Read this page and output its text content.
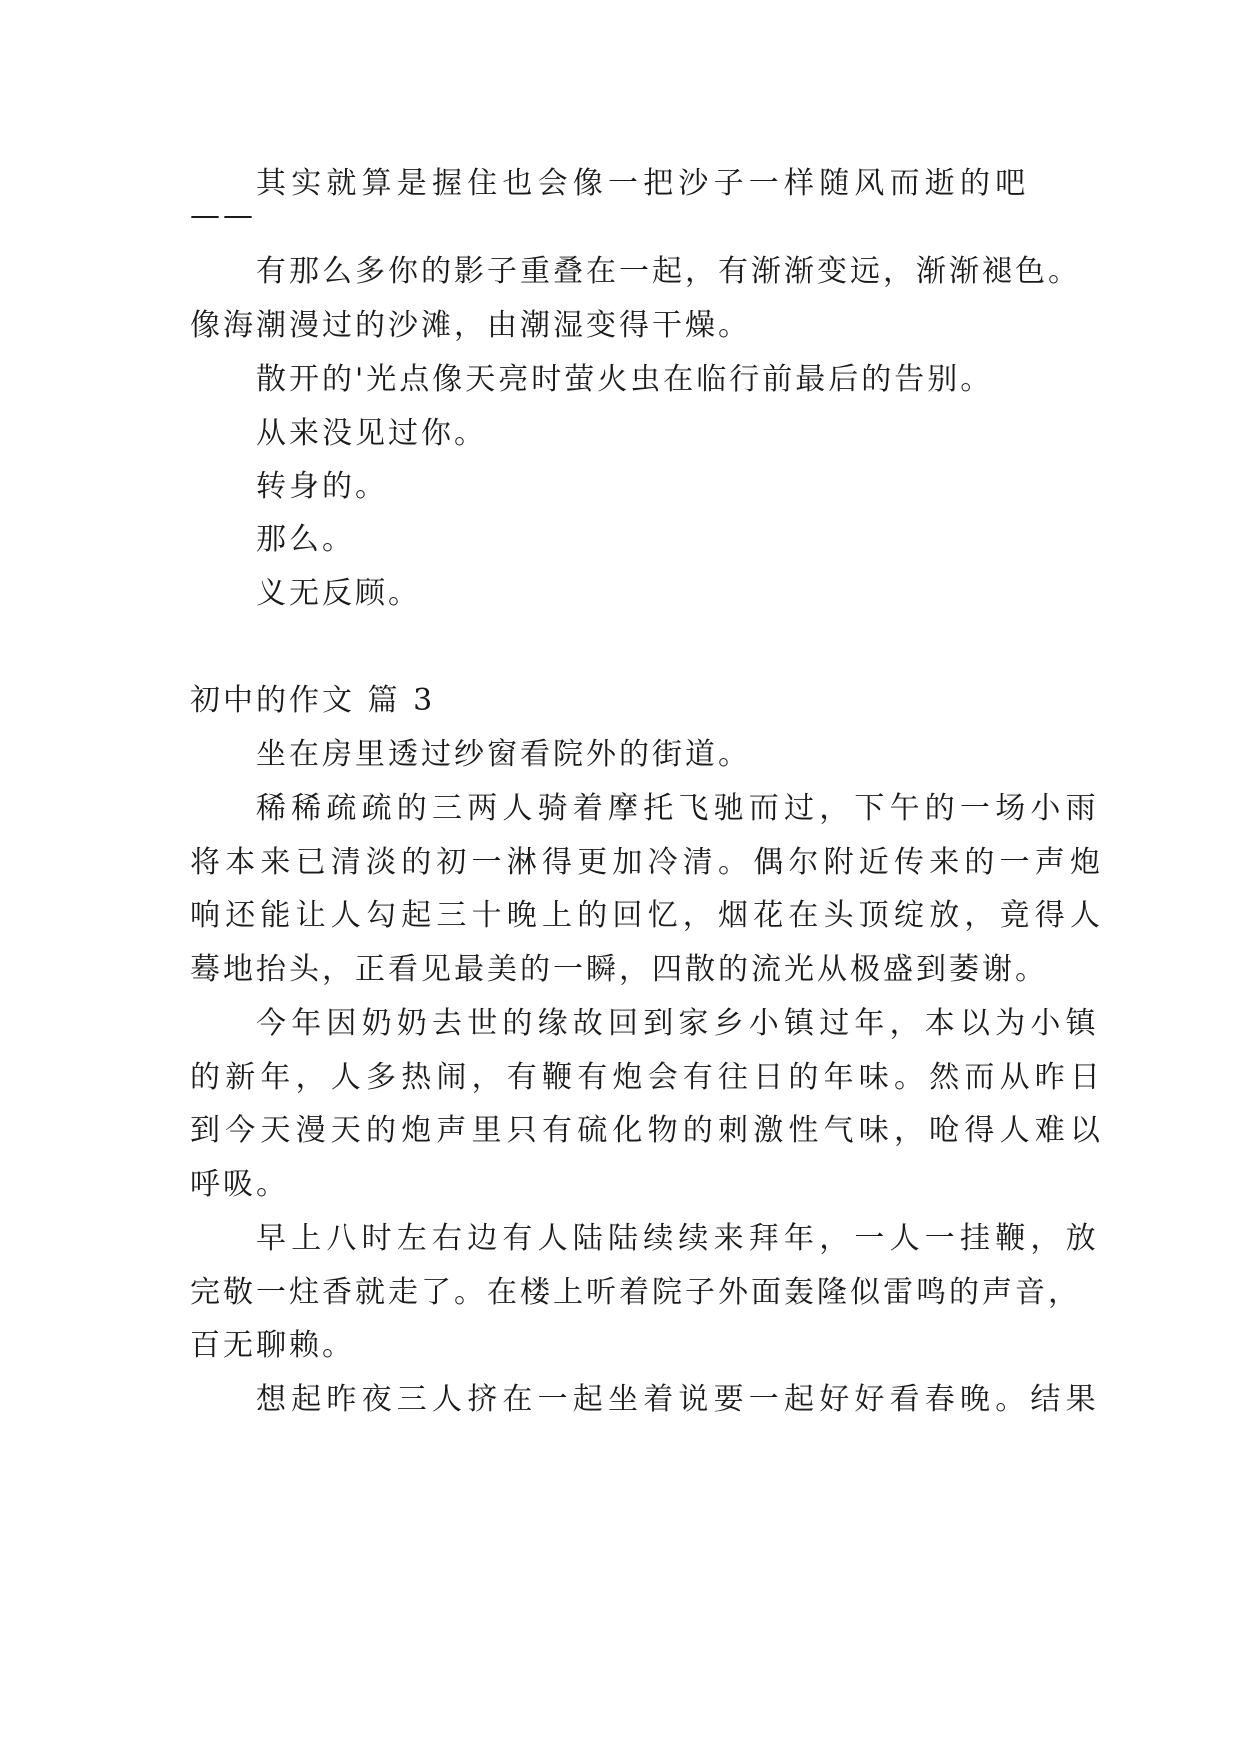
其实就算是握住也会像一把沙子一样随风而逝的吧
——
有那么多你的影子重叠在一起，有渐渐变远，渐渐褪色。
像海潮漫过的沙滩，由潮湿变得干燥。
散开的'光点像天亮时萤火虫在临行前最后的告别。
从来没见过你。
转身的。
那么。
义无反顾。
初中的作文 篇 3
坐在房里透过纱窗看院外的街道。
稀稀疏疏的三两人骑着摩托飞驰而过，下午的一场小雨
将本来已清淡的初一淋得更加冷清。偶尔附近传来的一声炮
响还能让人勾起三十晚上的回忆，烟花在头顶绽放，竟得人
蓦地抬头，正看见最美的一瞬，四散的流光从极盛到萎谢。
今年因奶奶去世的缘故回到家乡小镇过年，本以为小镇
的新年，人多热闹，有鞭有炮会有往日的年味。然而从昨日
到今天漫天的炮声里只有硫化物的刺激性气味，呛得人难以
呼吸。
早上八时左右边有人陆陆续续来拜年，一人一挂鞭，放
完敬一炷香就走了。在楼上听着院子外面轰隆似雷鸣的声音，
百无聊赖。
想起昨夜三人挤在一起坐着说要一起好好看春晚。结果
